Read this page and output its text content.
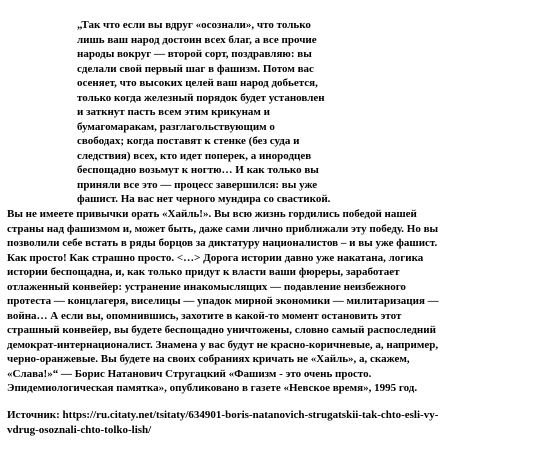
„Так что если вы вдруг «осознали», что только
лишь ваш народ достоин всех благ, а все прочие
народы вокруг — второй сорт, поздравляю: вы
сделали свой первый шаг в фашизм. Потом вас
осеняет, что высоких целей ваш народ добьется,
только когда железный порядок будет установлен
и заткнут пасть всем этим крикунам и
бумагомаракам, разглагольствующим о
свободах; когда поставят к стенке (без суда и
следствия) всех, кто идет поперек, а инородцев
беспощадно возьмут к ногтю… И как только вы
приняли все это — процесс завершился: вы уже
фашист. На вас нет черного мундира со свастикой.
Вы не имеете привычки орать «Хайль!». Вы всю жизнь гордились победой нашей
страны над фашизмом и, может быть, даже сами лично приближали эту победу. Но вы
позволили себе встать в ряды борцов за диктатуру националистов – и вы уже фашист.
Как просто! Как страшно просто. <…> Дорога истории давно уже накатана, логика
истории беспощадна, и, как только придут к власти ваши фюреры, заработает
отлаженный конвейер: устранение инакомыслящих — подавление неизбежного
протеста — концлагеря, виселицы — упадок мирной экономики — милитаризация —
война… А если вы, опомнившись, захотите в какой-то момент остановить этот
страшный конвейер, вы будете беспощадно уничтожены, словно самый распоследний
демократ-интернационалист. Знамена у вас будут не красно-коричневые, а, например,
черно-оранжевые. Вы будете на своих собраниях кричать не «Хайль», а, скажем,
«Слава!»“ — Борис Натанович Стругацкий «Фашизм - это очень просто.
Эпидемиологическая памятка», опубликовано в газете «Невское время», 1995 год.
Источник: https://ru.citaty.net/tsitaty/634901-boris-natanovich-strugatskii-tak-chto-esli-vy-
vdrug-osoznali-chto-tolko-lish/
